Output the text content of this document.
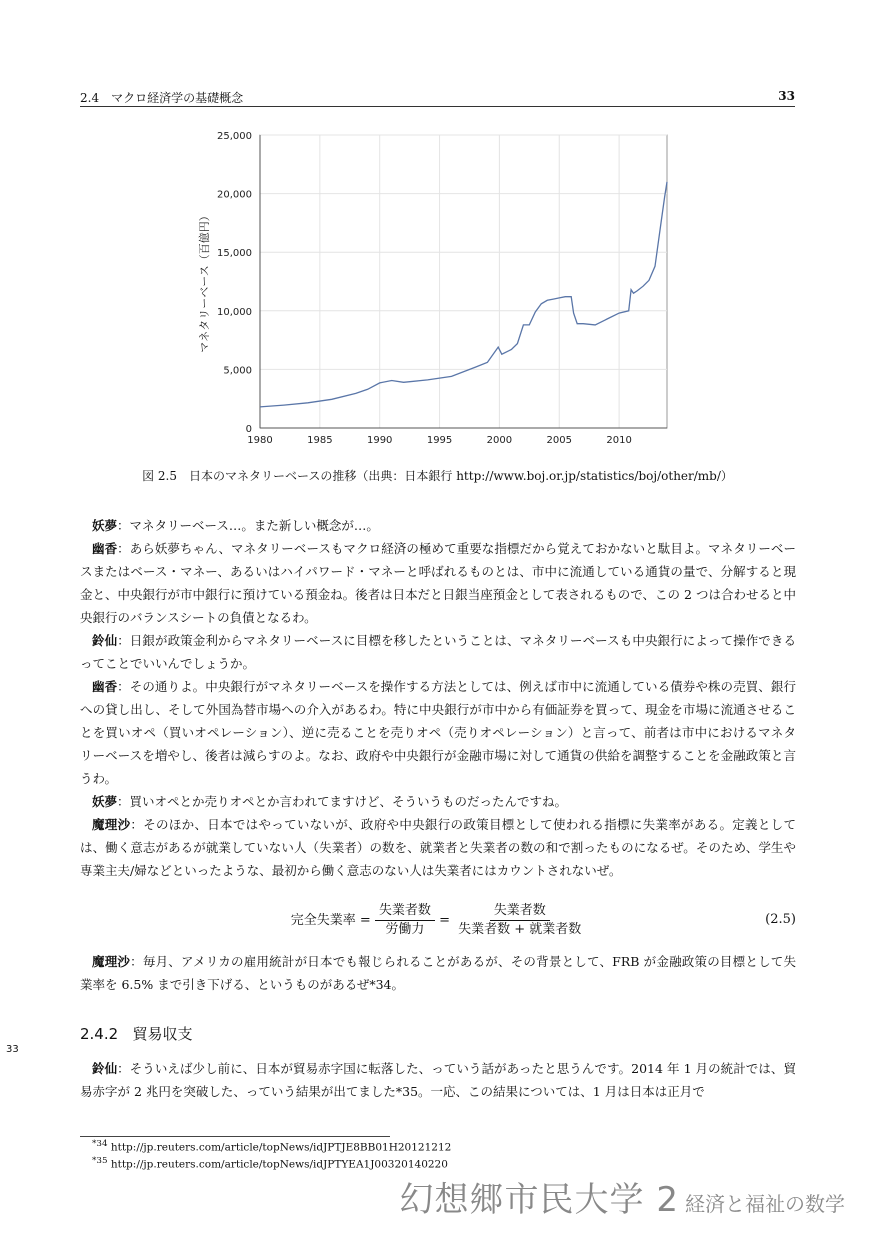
2.4　マクロ経済学の基礎概念	33
0
5,000
10,000
15,000
20,000
25,000
1980	1985	1990	1995	2000	2005	2010
マネタリーベース（百億円）
図 2.5　日本のマネタリーベースの推移（出典：日本銀行 http://www.boj.or.jp/statistics/boj/other/mb/）

妖夢：マネタリーベース…。また新しい概念が…。

幽香：あら妖夢ちゃん、マネタリーベースもマクロ経済の極めて重要な指標だから覚えておかないと駄目よ。マネタリーベースまたはベース・マネー、あるいはハイパワード・マネーと呼ばれるものとは、市中に流通している通貨の量で、分解すると現金と、中央銀行が市中銀行に預けている預金ね。後者は日本だと日銀当座預金として表されるもので、この 2 つは合わせると中央銀行のバランスシートの負債となるわ。

鈴仙：日銀が政策金利からマネタリーベースに目標を移したということは、マネタリーベースも中央銀行によって操作できるってことでいいんでしょうか。

幽香：その通りよ。中央銀行がマネタリーベースを操作する方法としては、例えば市中に流通している債券や株の売買、銀行への貸し出し、そして外国為替市場への介入があるわ。特に中央銀行が市中から有価証券を買って、現金を市場に流通させることを買いオペ（買いオペレーション）、逆に売ることを売りオペ（売りオペレーション）と言って、前者は市中におけるマネタリーベースを増やし、後者は減らすのよ。なお、政府や中央銀行が金融市場に対して通貨の供給を調整することを金融政策と言うわ。

妖夢：買いオペとか売りオペとか言われてますけど、そういうものだったんですね。

魔理沙：そのほか、日本ではやっていないが、政府や中央銀行の政策目標として使われる指標に失業率がある。定義としては、働く意志があるが就業していない人（失業者）の数を、就業者と失業者の数の和で割ったものになるぜ。そのため、学生や専業主夫/婦などといったような、最初から働く意志のない人は失業者にはカウントされないぜ。

完全失業率 = $\frac{\text{失業者数}}{\text{労働力}} = \frac{\text{失業者数}}{\text{失業者数 + 就業者数}}$	(2.5)

魔理沙：毎月、アメリカの雇用統計が日本でも報じられることがあるが、その背景として、FRB が金融政策の目標として失業率を 6.5% まで引き下げる、というものがあるぜ*34。

2.4.2 貿易収支
33

鈴仙：そういえば少し前に、日本が貿易赤字国に転落した、っていう話があったと思うんです。2014 年 1 月の統計では、貿易赤字が 2 兆円を突破した、っていう結果が出てました*35。一応、この結果については、1 月は日本は正月で

$^{*34}$ http://jp.reuters.com/article/topNews/idJPTJE8BB01H20121212
$^{*35}$ http://jp.reuters.com/article/topNews/idJPTYEA1J00320140220
幻想郷市民大学 2 経済と福祉の数学
